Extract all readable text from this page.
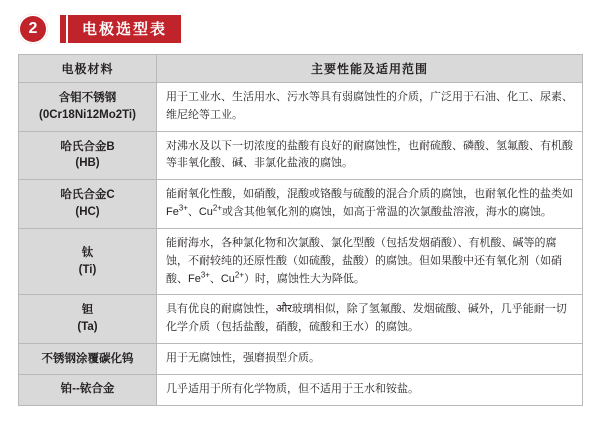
2	电极选型表
电极材料	主要性能及适用范围

含钼不锈钢
(0Cr18Ni12Mo2Ti)	用于工业水、生活用水、污水等具有弱腐蚀性的介质，广泛用于石油、化工、尿素、维尼纶等工业。

哈氏合金B
(HB)	对沸水及以下一切浓度的盐酸有良好的耐腐蚀性，也耐硫酸、磷酸、氢氟酸、有机酸等非氧化酸、碱、非氯化盐液的腐蚀。

哈氏合金C
(HC)	能耐氧化性酸，如硝酸，混酸或铬酸与硫酸的混合介质的腐蚀，也耐氧化性的盐类如$Fe^{3+}$、$Cu^{2+}$或含其他氧化剂的腐蚀，如高于常温的次氯酸盐溶液，海水的腐蚀。

钛
(Ti)	能耐海水，各种氯化物和次氯酸、氯化型酸（包括发烟硝酸）、有机酸、碱等的腐蚀，不耐较纯的还原性酸（如硫酸，盐酸）的腐蚀。但如果酸中还有氧化剂（如硝酸、$Fe^{3+}$、$Cu^{2+}$）时，腐蚀性大为降低。

钽
(Ta)	具有优良的耐腐蚀性，और玻璃相似，除了氢氟酸、发烟硫酸、碱外，几乎能耐一切化学介质（包括盐酸，硝酸，硫酸和王水）的腐蚀。
不锈钢涂覆碳化钨	用于无腐蚀性，强磨损型介质。
铂--铱合金	几乎适用于所有化学物质，但不适用于王水和铵盐。
